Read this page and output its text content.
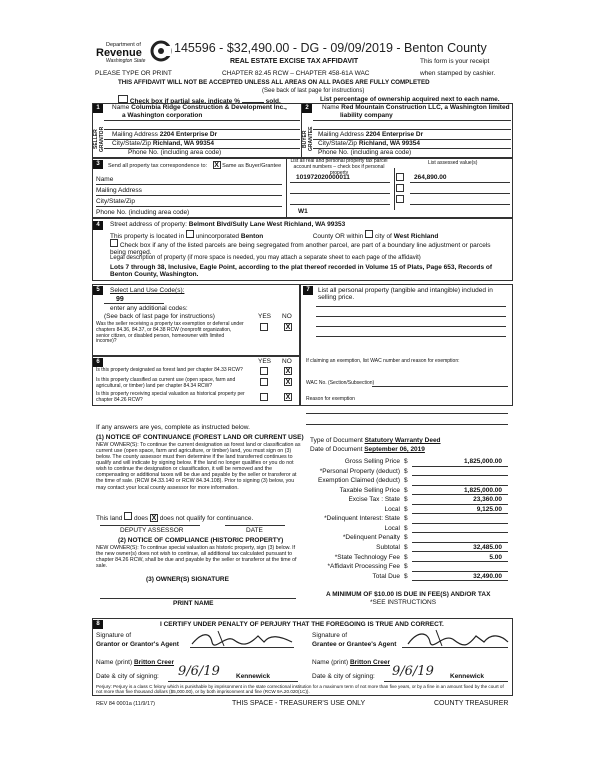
Department of
Revenue
Washington State
145596 - $32,490.00 - DG - 09/09/2019 - Benton County
REAL ESTATE EXCISE TAX AFFIDAVIT	This form is your receipt
PLEASE TYPE OR PRINT	CHAPTER 82.45 RCW – CHAPTER 458-61A WAC	when stamped by cashier.
THIS AFFIDAVIT WILL NOT BE ACCEPTED UNLESS ALL AREAS ON ALL PAGES ARE FULLY COMPLETED
(See back of last page for instructions)
Check box if partial sale, indicate %	sold.	List percentage of ownership acquired next to each name.
1	2
SELLER GRANTOR	BUYER GRANTEE
Name Columbia Ridge Construction & Development Inc.,
a Washington corporation
Mailing Address 2204 Enterprise Dr
City/State/Zip Richland, WA 99354
Phone No. (including area code)
Name Red Mountain Construction LLC, a Washington limited
liability company
Mailing Address 2204 Enterprise Dr
City/State/Zip Richland, WA 99354
Phone No. (including area code)
3	Send all property tax correspondence to: X Same as Buyer/Grantee
List all real and personal property tax parcel account numbers – check box if personal property
List assessed value(s)
101972020000011	264,890.00
W1
Name
Mailing Address
City/State/Zip
Phone No. (including area code)
4	Street address of property: Belmont Blvd/Sully Lane West Richland, WA 99353
This property is located in unincorporated Benton	County OR within city of West Richland
Check box if any of the listed parcels are being segregated from another parcel, are part of a boundary line adjustment or parcels being merged.
Legal description of property (if more space is needed, you may attach a separate sheet to each page of the affidavit)
Lots 7 through 38, Inclusive, Eagle Point, according to the plat thereof recorded in Volume 15 of Plats, Page 653, Records of Benton County, Washington.
5	Select Land Use Code(s):
99
enter any additional codes:
(See back of last page for instructions)	YES NO
Was the seller receiving a property tax exemption or deferral under chapters 84.36, 84.37, or 84.38 RCW (nonprofit organization, senior citizen, or disabled person, homeowner with limited income)?
X
6	YES NO
Is this property designated as forest land per chapter 84.33 RCW?	X
Is this property classified as current use (open space, farm and agricultural, or timber) land per chapter 84.34 RCW?	X
Is this property receiving special valuation as historical property per chapter 84.26 RCW?	X
If any answers are yes, complete as instructed below.
(1) NOTICE OF CONTINUANCE (FOREST LAND OR CURRENT USE)
NEW OWNER(S): To continue the current designation as forest land or classification as current use (open space, farm and agriculture, or timber) land, you must sign on (3) below. The county assessor must then determine if the land transferred continues to qualify and will indicate by signing below. If the land no longer qualifies or you do not wish to continue the designation or classification, it will be removed and the compensating or additional taxes will be due and payable by the seller or transferor at the time of sale. (RCW 84.33.140 or RCW 84.34.108). Prior to signing (3) below, you may contact your local county assessor for more information.
This land does X does not qualify for continuance.
DEPUTY ASSESSOR	DATE
(2) NOTICE OF COMPLIANCE (HISTORIC PROPERTY)
NEW OWNER(S): To continue special valuation as historic property, sign (3) below. If the new owner(s) does not wish to continue, all additional tax calculated pursuant to chapter 84.26 RCW, shall be due and payable by the seller or transferor at the time of sale.
(3) OWNER(S) SIGNATURE
PRINT NAME
7	List all personal property (tangible and intangible) included in selling price.
If claiming an exemption, list WAC number and reason for exemption:
WAC No. (Section/Subsection)
Reason for exemption
Type of Document Statutory Warranty Deed
Date of Document September 06, 2019
Gross Selling Price $	1,825,000.00
*Personal Property (deduct) $
Exemption Claimed (deduct) $
Taxable Selling Price $	1,825,000.00
Excise Tax : State $	23,360.00
Local $	9,125.00
*Delinquent Interest: State $
Local $
*Delinquent Penalty $
Subtotal $	32,485.00
*State Technology Fee $	5.00
*Affidavit Processing Fee $
Total Due $	32,490.00
A MINIMUM OF $10.00 IS DUE IN FEE(S) AND/OR TAX
*SEE INSTRUCTIONS
8	I CERTIFY UNDER PENALTY OF PERJURY THAT THE FOREGOING IS TRUE AND CORRECT.
Signature of
Grantor or Grantor's Agent
Signature of
Grantee or Grantee's Agent
Name (print) Britton Creer	Name (print) Britton Creer
Date & city of signing: 9/6/19 Kennewick	Date & city of signing: 9/6/19 Kennewick
Perjury: Perjury is a class C felony which is punishable by imprisonment in the state correctional institution for a maximum term of not more than five years, or by a fine in an amount fixed by the court of not more than five thousand dollars ($5,000.00), or by both imprisonment and fine (RCW 9A.20.020(1C)).
REV 84 0001a (11/9/17)	THIS SPACE - TREASURER'S USE ONLY	COUNTY TREASURER
